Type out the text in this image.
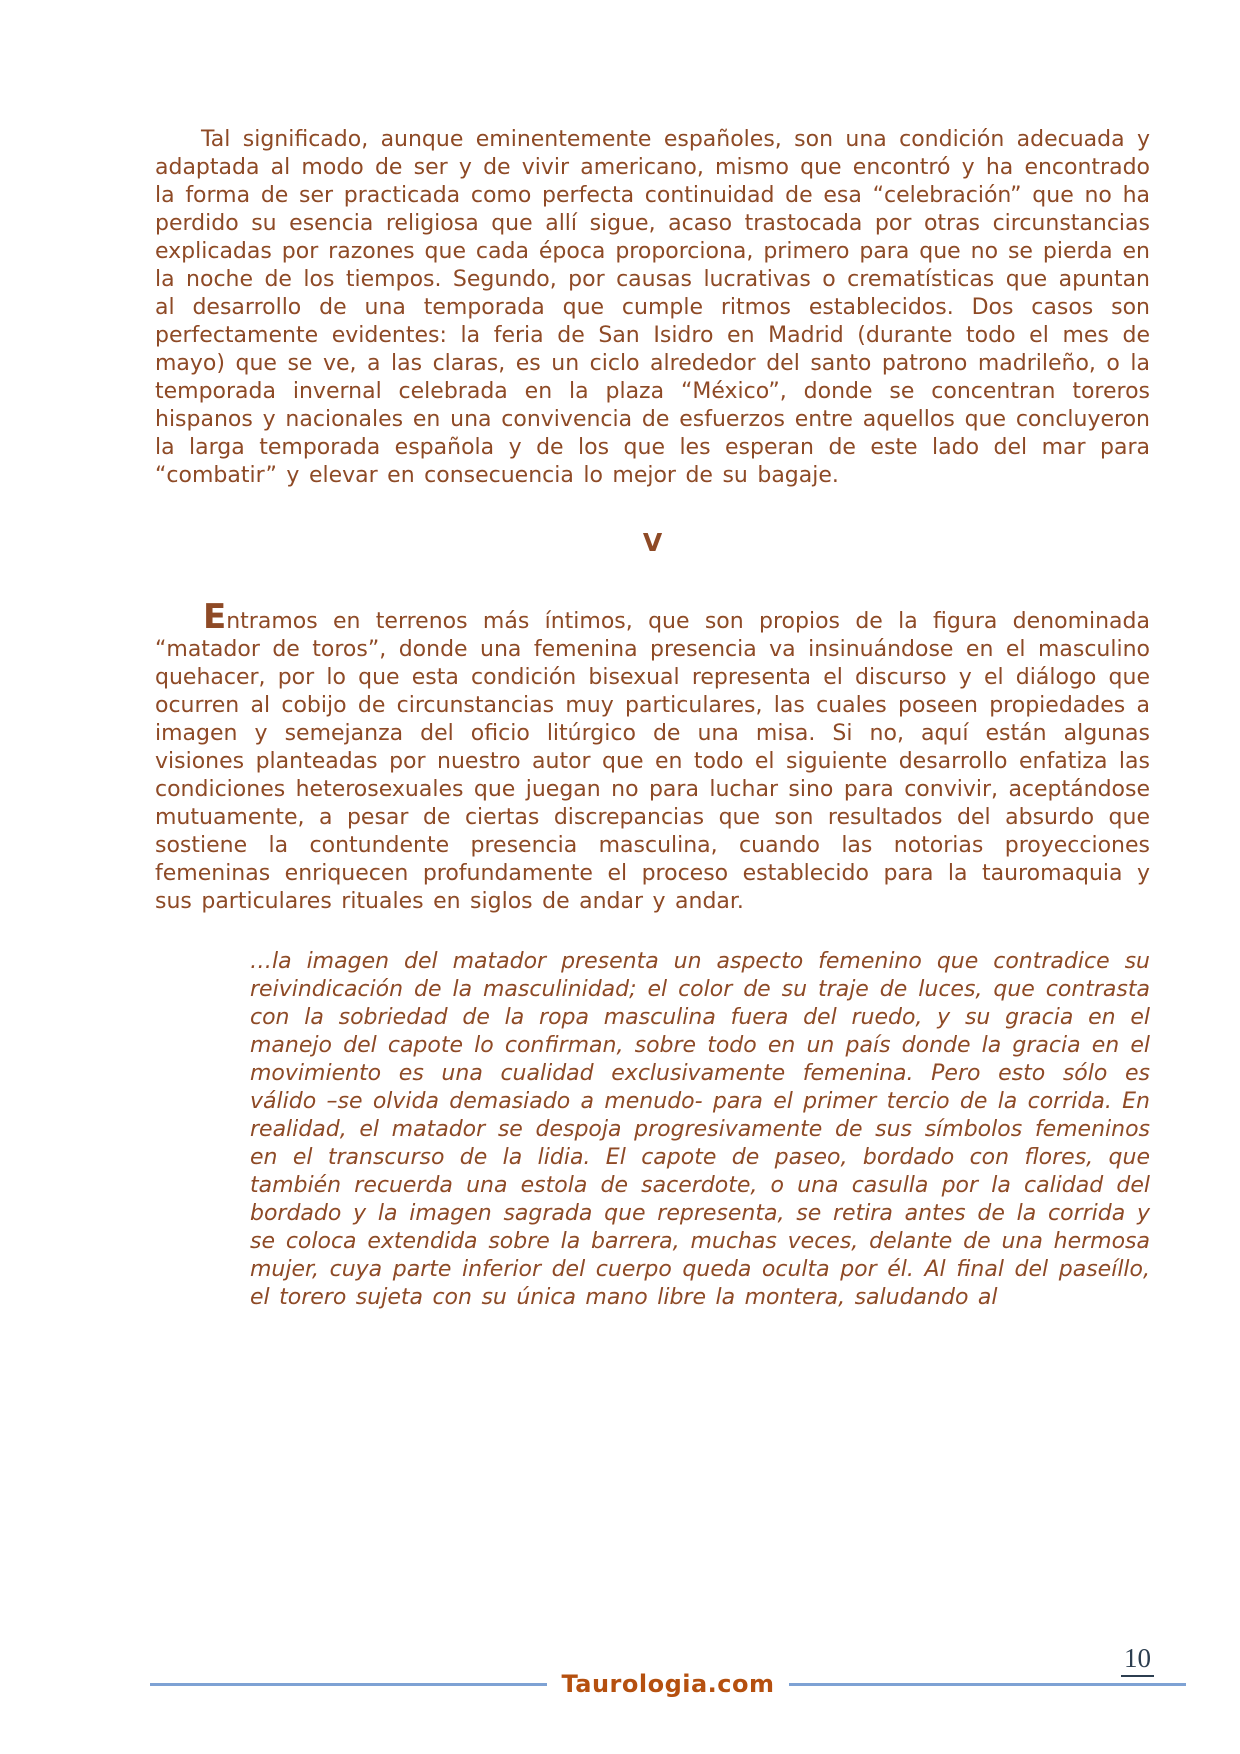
Tal significado, aunque eminentemente españoles, son una condición adecuada y adaptada al modo de ser y de vivir americano, mismo que encontró y ha encontrado la forma de ser practicada como perfecta continuidad de esa “celebración” que no ha perdido su esencia religiosa que allí sigue, acaso trastocada por otras circunstancias explicadas por razones que cada época proporciona, primero para que no se pierda en la noche de los tiempos. Segundo, por causas lucrativas o crematísticas que apuntan al desarrollo de una temporada que cumple ritmos establecidos. Dos casos son perfectamente evidentes: la feria de San Isidro en Madrid (durante todo el mes de mayo) que se ve, a las claras, es un ciclo alrededor del santo patrono madrileño, o la temporada invernal celebrada en la plaza “México”, donde se concentran toreros hispanos y nacionales en una convivencia de esfuerzos entre aquellos que concluyeron la larga temporada española y de los que les esperan de este lado del mar para “combatir” y elevar en consecuencia lo mejor de su bagaje.

V

Entramos en terrenos más íntimos, que son propios de la figura denominada “matador de toros”, donde una femenina presencia va insinuándose en el masculino quehacer, por lo que esta condición bisexual representa el discurso y el diálogo que ocurren al cobijo de circunstancias muy particulares, las cuales poseen propiedades a imagen y semejanza del oficio litúrgico de una misa. Si no, aquí están algunas visiones planteadas por nuestro autor que en todo el siguiente desarrollo enfatiza las condiciones heterosexuales que juegan no para luchar sino para convivir, aceptándose mutuamente, a pesar de ciertas discrepancias que son resultados del absurdo que sostiene la contundente presencia masculina, cuando las notorias proyecciones femeninas enriquecen profundamente el proceso establecido para la tauromaquia y sus particulares rituales en siglos de andar y andar.

…la imagen del matador presenta un aspecto femenino que contradice su reivindicación de la masculinidad; el color de su traje de luces, que contrasta con la sobriedad de la ropa masculina fuera del ruedo, y su gracia en el manejo del capote lo confirman, sobre todo en un país donde la gracia en el movimiento es una cualidad exclusivamente femenina. Pero esto sólo es válido –se olvida demasiado a menudo- para el primer tercio de la corrida. En realidad, el matador se despoja progresivamente de sus símbolos femeninos en el transcurso de la lidia. El capote de paseo, bordado con flores, que también recuerda una estola de sacerdote, o una casulla por la calidad del bordado y la imagen sagrada que representa, se retira antes de la corrida y se coloca extendida sobre la barrera, muchas veces, delante de una hermosa mujer, cuya parte inferior del cuerpo queda oculta por él. Al final del paseíllo, el torero sujeta con su única mano libre la montera, saludando al

10
Taurologia.com
